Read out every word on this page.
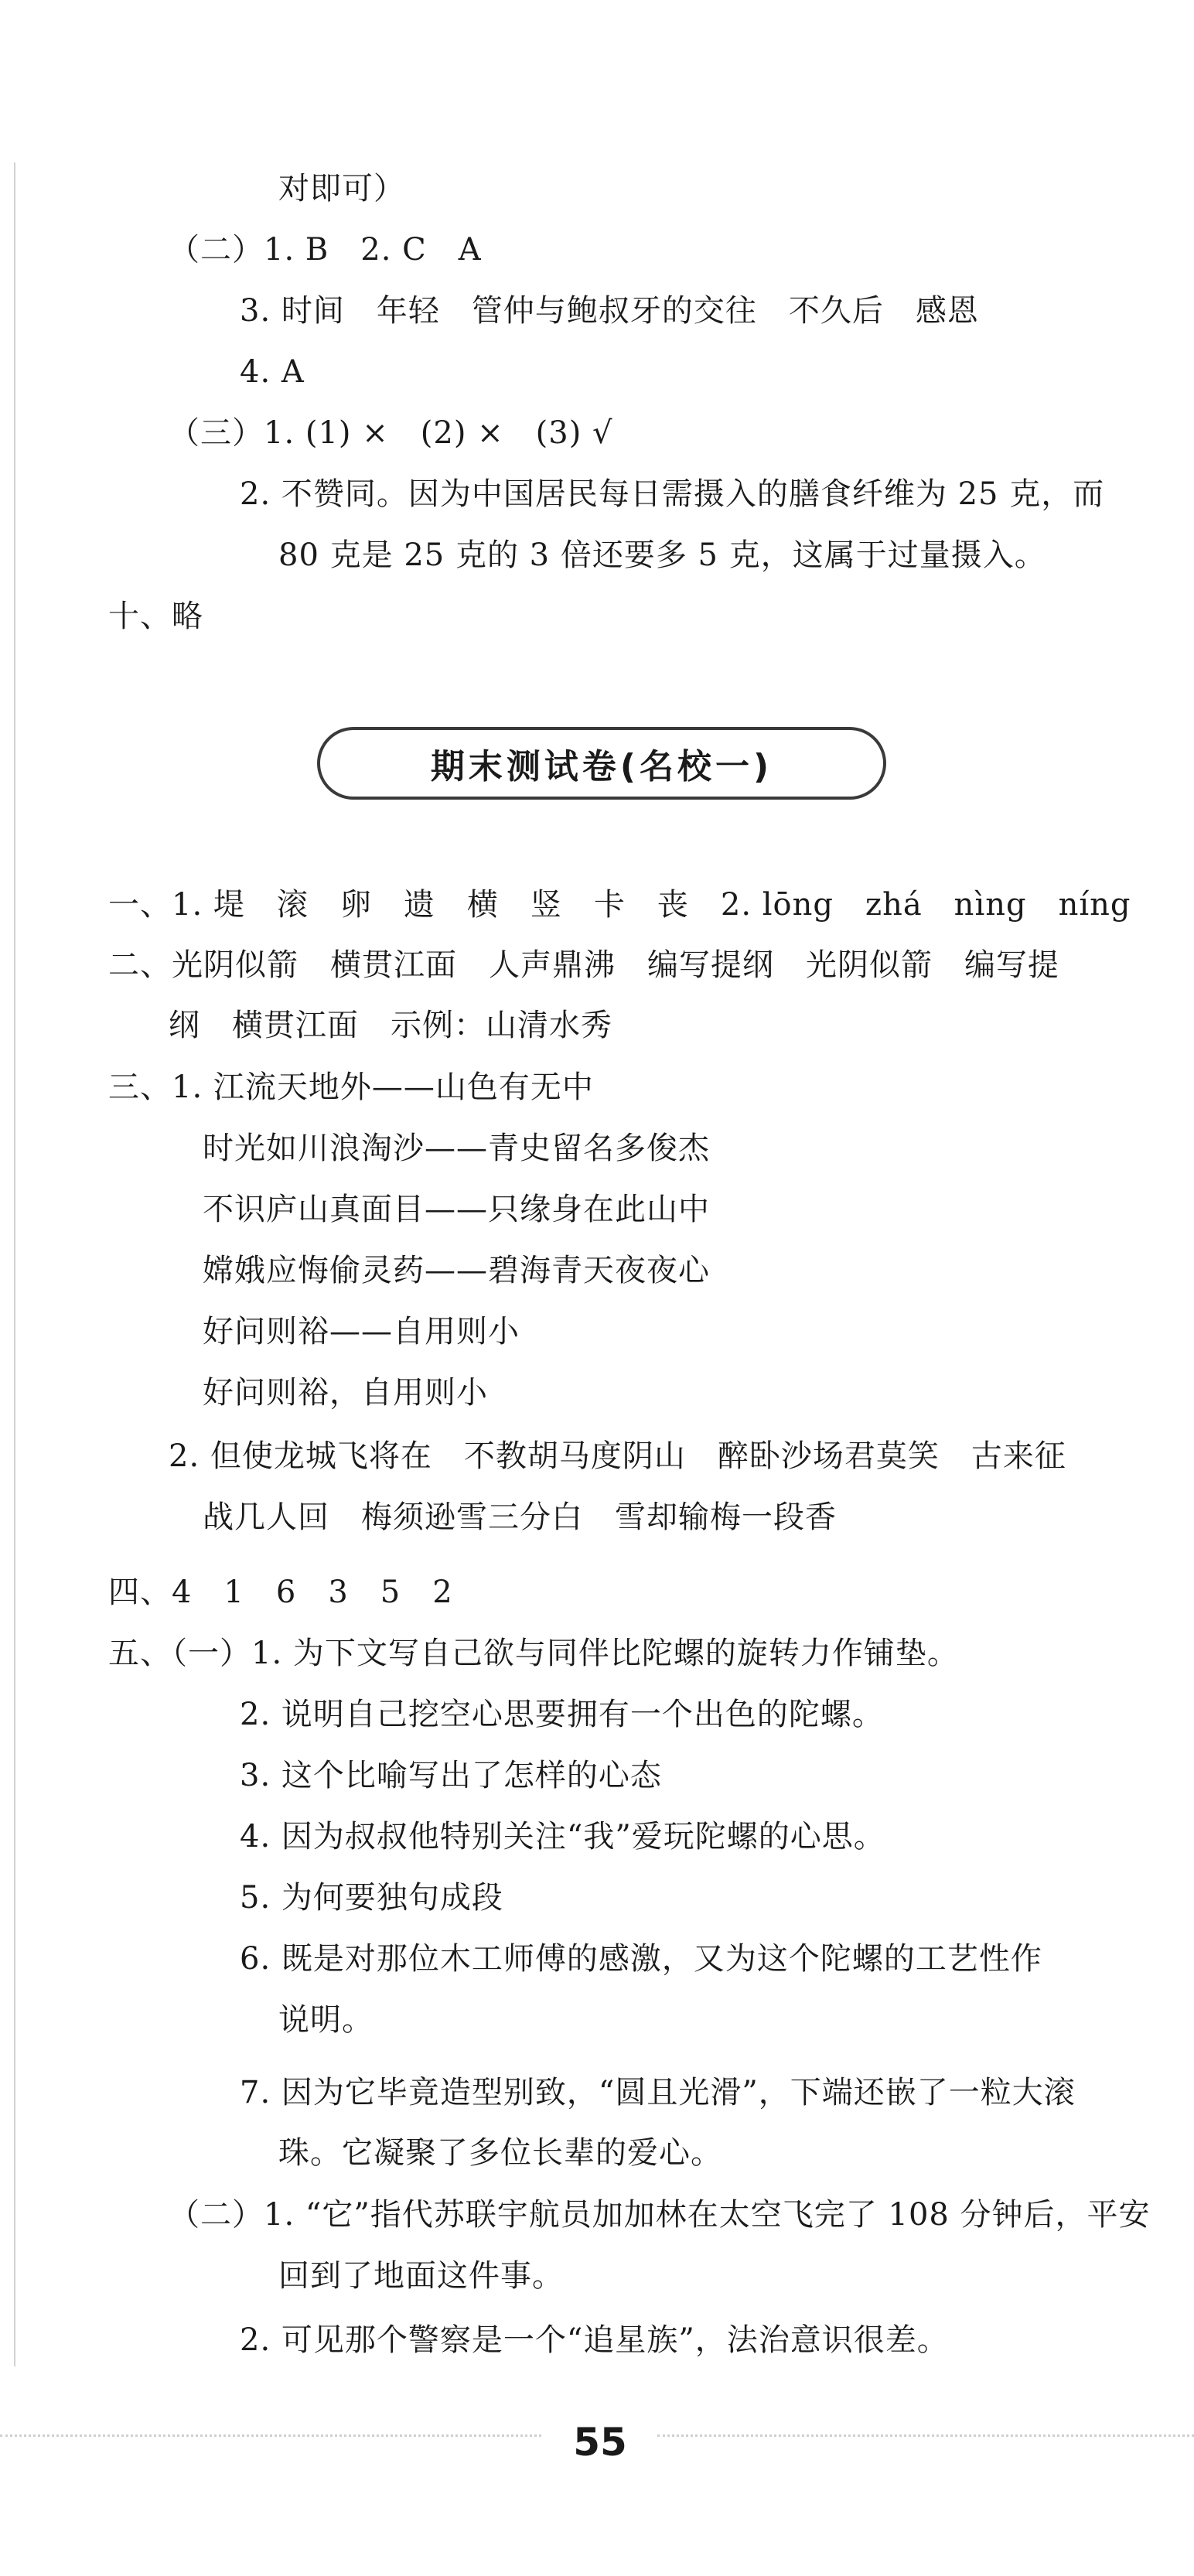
对即可）
（二）1. B　2. C　A
3. 时间　年轻　管仲与鲍叔牙的交往　不久后　感恩
4. A
（三）1. (1) ×　(2) ×　(3) √
2. 不赞同。因为中国居民每日需摄入的膳食纤维为 25 克，而
80 克是 25 克的 3 倍还要多 5 克，这属于过量摄入。
十、略
期末测试卷(名校一)
一、1. 堤　滚　卵　遗　横　竖　卡　丧　2. lōng　zhá　nìng　níng
二、光阴似箭　横贯江面　人声鼎沸　编写提纲　光阴似箭　编写提
纲　横贯江面　示例：山清水秀
三、1. 江流天地外——山色有无中
时光如川浪淘沙——青史留名多俊杰
不识庐山真面目——只缘身在此山中
嫦娥应悔偷灵药——碧海青天夜夜心
好问则裕——自用则小
好问则裕，自用则小
2. 但使龙城飞将在　不教胡马度阴山　醉卧沙场君莫笑　古来征
战几人回　梅须逊雪三分白　雪却输梅一段香
四、4　1　6　3　5　2
五、（一）1. 为下文写自己欲与同伴比陀螺的旋转力作铺垫。
2. 说明自己挖空心思要拥有一个出色的陀螺。
3. 这个比喻写出了怎样的心态
4. 因为叔叔他特别关注“我”爱玩陀螺的心思。
5. 为何要独句成段
6. 既是对那位木工师傅的感激，又为这个陀螺的工艺性作
说明。
7. 因为它毕竟造型别致，“圆且光滑”，下端还嵌了一粒大滚
珠。它凝聚了多位长辈的爱心。
（二）1. “它”指代苏联宇航员加加林在太空飞完了 108 分钟后，平安
回到了地面这件事。
2. 可见那个警察是一个“追星族”，法治意识很差。
55
